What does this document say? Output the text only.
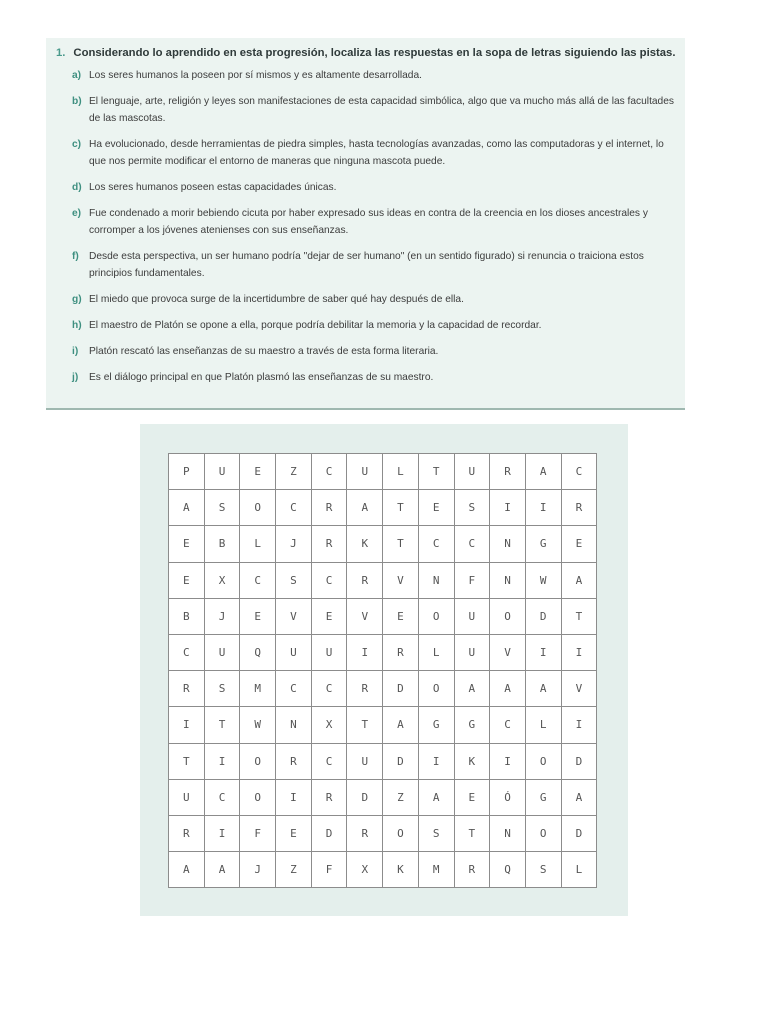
1. Considerando lo aprendido en esta progresión, localiza las respuestas en la sopa de letras siguiendo las pistas.
a) Los seres humanos la poseen por sí mismos y es altamente desarrollada.
b) El lenguaje, arte, religión y leyes son manifestaciones de esta capacidad simbólica, algo que va mucho más allá de las facultades de las mascotas.
c) Ha evolucionado, desde herramientas de piedra simples, hasta tecnologías avanzadas, como las computadoras y el internet, lo que nos permite modificar el entorno de maneras que ninguna mascota puede.
d) Los seres humanos poseen estas capacidades únicas.
e) Fue condenado a morir bebiendo cicuta por haber expresado sus ideas en contra de la creencia en los dioses ancestrales y corromper a los jóvenes atenienses con sus enseñanzas.
f)	Desde esta perspectiva, un ser humano podría "dejar de ser humano" (en un sentido figurado) si renuncia o traiciona estos principios fundamentales.
g) El miedo que provoca surge de la incertidumbre de saber qué hay después de ella.
h) El maestro de Platón se opone a ella, porque podría debilitar la memoria y la capacidad de recordar.
i)	Platón rescató las enseñanzas de su maestro a través de esta forma literaria.
j)	Es el diálogo principal en que Platón plasmó las enseñanzas de su maestro.
P	U	E	Z	C	U	L	T	U	R	A	C
A	S	O	C	R	A	T	E	S	I	I	R
E	B	L	J	R	K	T	C	C	N	G	E
E	X	C	S	C	R	V	N	F	N	W	A
B	J	E	V	E	V	E	O	U	O	D	T
C	U	Q	U	U	I	R	L	U	V	I	I
R	S	M	C	C	R	D	O	A	A	A	V
I	T	W	N	X	T	A	G	G	C	L	I
T	I	O	R	C	U	D	I	K	I	O	D
U	C	O	I	R	D	Z	A	E	Ó	G	A
R	I	F	E	D	R	O	S	T	N	O	D
A	A	J	Z	F	X	K	M	R	Q	S	L
